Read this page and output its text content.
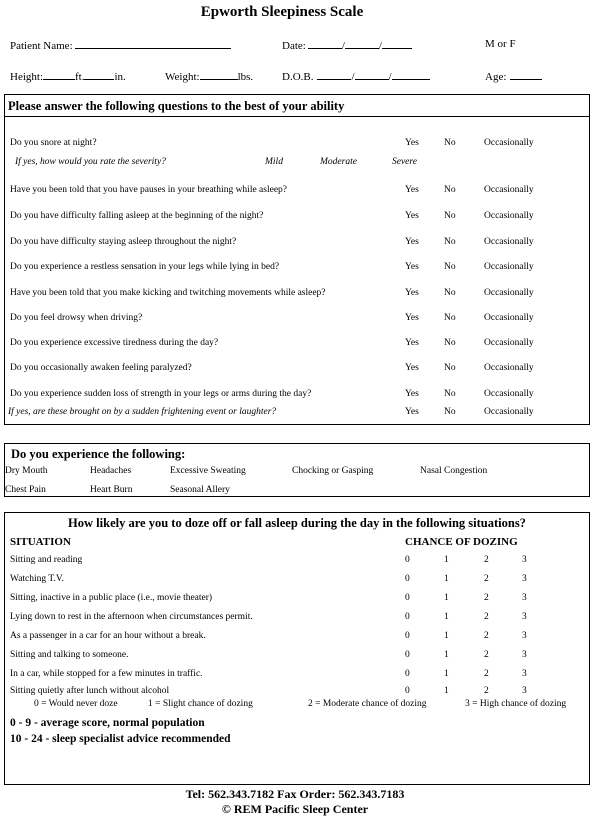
Epworth Sleepiness Scale
Patient Name:	Date:	/	/	M or F
Height:	ft.	in.	Weight:	lbs.	D.O.B.	/	/	Age:
Please answer the following questions to the best of your ability
Do you snore at night?	Yes	No	Occasionally
Have you been told that you have pauses in your breathing while asleep?	Yes	No	Occasionally
Do you have difficulty falling asleep at the beginning of the night?	Yes	No	Occasionally
Do you have difficulty staying asleep throughout the night?	Yes	No	Occasionally
Do you experience a restless sensation in your legs while lying in bed?	Yes	No	Occasionally
Have you been told that you make kicking and twitching movements while asleep?	Yes	No	Occasionally
Do you feel drowsy when driving?	Yes	No	Occasionally
Do you experience excessive tiredness during the day?	Yes	No	Occasionally
Do you occasionally awaken feeling paralyzed?	Yes	No	Occasionally
Do you experience sudden loss of strength in your legs or arms during the day?	Yes	No	Occasionally
If yes, are these brought on by a sudden frightening event or laughter?	Yes	No	Occasionally
If yes, how would you rate the severity?	Mild	Moderate	Severe
Do you experience the following:
Dry Mouth	Headaches	Excessive Sweating	Chocking or Gasping	Nasal Congestion
Chest Pain	Heart Burn	Seasonal Allery
How likely are you to doze off or fall asleep during the day in the following situations?
SITUATION	CHANCE OF DOZING
Sitting and reading	0	1	2	3
Watching T.V.	0	1	2	3
Sitting, inactive in a public place (i.e., movie theater)	0	1	2	3
Lying down to rest in the afternoon when circumstances permit.	0	1	2	3
As a passenger in a car for an hour without a break.	0	1	2	3
Sitting and talking to someone.	0	1	2	3
In a car, while stopped for a few minutes in traffic.	0	1	2	3
Sitting quietly after lunch without alcohol	0	1	2	3
0 = Would never doze	1 = Slight chance of dozing	2 = Moderate chance of dozing	3 = High chance of dozing
0 - 9 - average score, normal population
10 - 24 - sleep specialist advice recommended
Tel: 562.343.7182 Fax Order: 562.343.7183
© REM Pacific Sleep Center
